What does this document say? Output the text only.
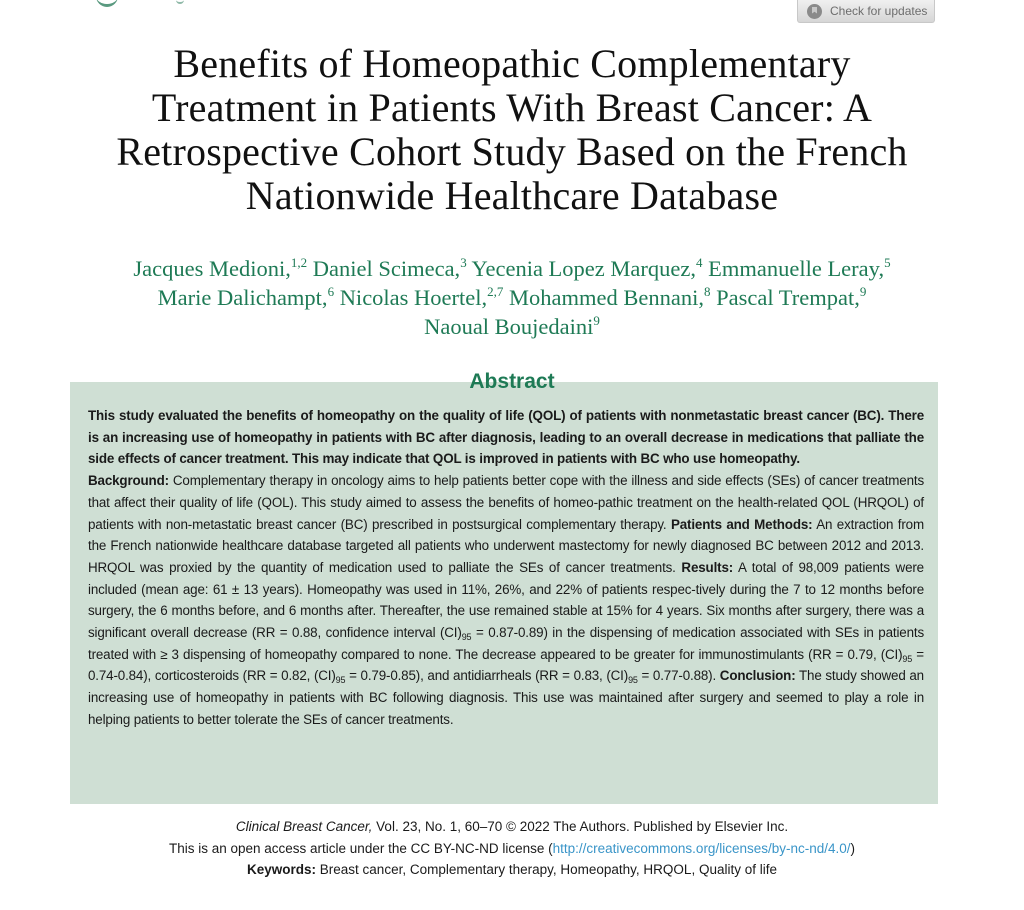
Check for updates
Benefits of Homeopathic Complementary
Treatment in Patients With Breast Cancer: A
Retrospective Cohort Study Based on the French
Nationwide Healthcare Database
Jacques Medioni,$^{1,2}$ Daniel Scimeca,$^3$ Yecenia Lopez Marquez,$^4$ Emmanuelle Leray,$^5$
Marie Dalichampt,$^6$ Nicolas Hoertel,$^{2,7}$ Mohammed Bennani,$^8$ Pascal Trempat,$^9$
Naoual Boujedaini$^9$
Abstract

This study evaluated the benefits of homeopathy on the quality of life (QOL) of patients with nonmetastatic breast cancer (BC). There is an increasing use of homeopathy in patients with BC after diagnosis, leading to an overall decrease in medications that palliate the side effects of cancer treatment. This may indicate that QOL is improved in patients with BC who use homeopathy.

Background: Complementary therapy in oncology aims to help patients better cope with the illness and side effects (SEs) of cancer treatments that affect their quality of life (QOL). This study aimed to assess the benefits of homeo-pathic treatment on the health-related QOL (HRQOL) of patients with non-metastatic breast cancer (BC) prescribed in postsurgical complementary therapy. Patients and Methods: An extraction from the French nationwide healthcare database targeted all patients who underwent mastectomy for newly diagnosed BC between 2012 and 2013. HRQOL was proxied by the quantity of medication used to palliate the SEs of cancer treatments. Results: A total of 98,009 patients were included (mean age: 61 ± 13 years). Homeopathy was used in 11%, 26%, and 22% of patients respec-tively during the 7 to 12 months before surgery, the 6 months before, and 6 months after. Thereafter, the use remained stable at 15% for 4 years. Six months after surgery, there was a significant overall decrease (RR = 0.88, confidence interval $(CI)_{95} = 0.87-0.89$) in the dispensing of medication associated with SEs in patients treated with ≥ 3 dispensing of homeopathy compared to none. The decrease appeared to be greater for immunostimulants (RR = 0.79, $(CI)_{95} = 0.74-0.84$), corticosteroids (RR = 0.82, $(CI)_{95} = 0.79-0.85$), and antidiarrheals (RR = 0.83, $(CI)_{95} = 0.77-0.88$). Conclusion: The study showed an increasing use of homeopathy in patients with BC following diagnosis. This use was maintained after surgery and seemed to play a role in helping patients to better tolerate the SEs of cancer treatments.

Clinical Breast Cancer, Vol. 23, No. 1, 60–70 © 2022 The Authors. Published by Elsevier Inc.
This is an open access article under the CC BY-NC-ND license (http://creativecommons.org/licenses/by-nc-nd/4.0/)
Keywords: Breast cancer, Complementary therapy, Homeopathy, HRQOL, Quality of life
